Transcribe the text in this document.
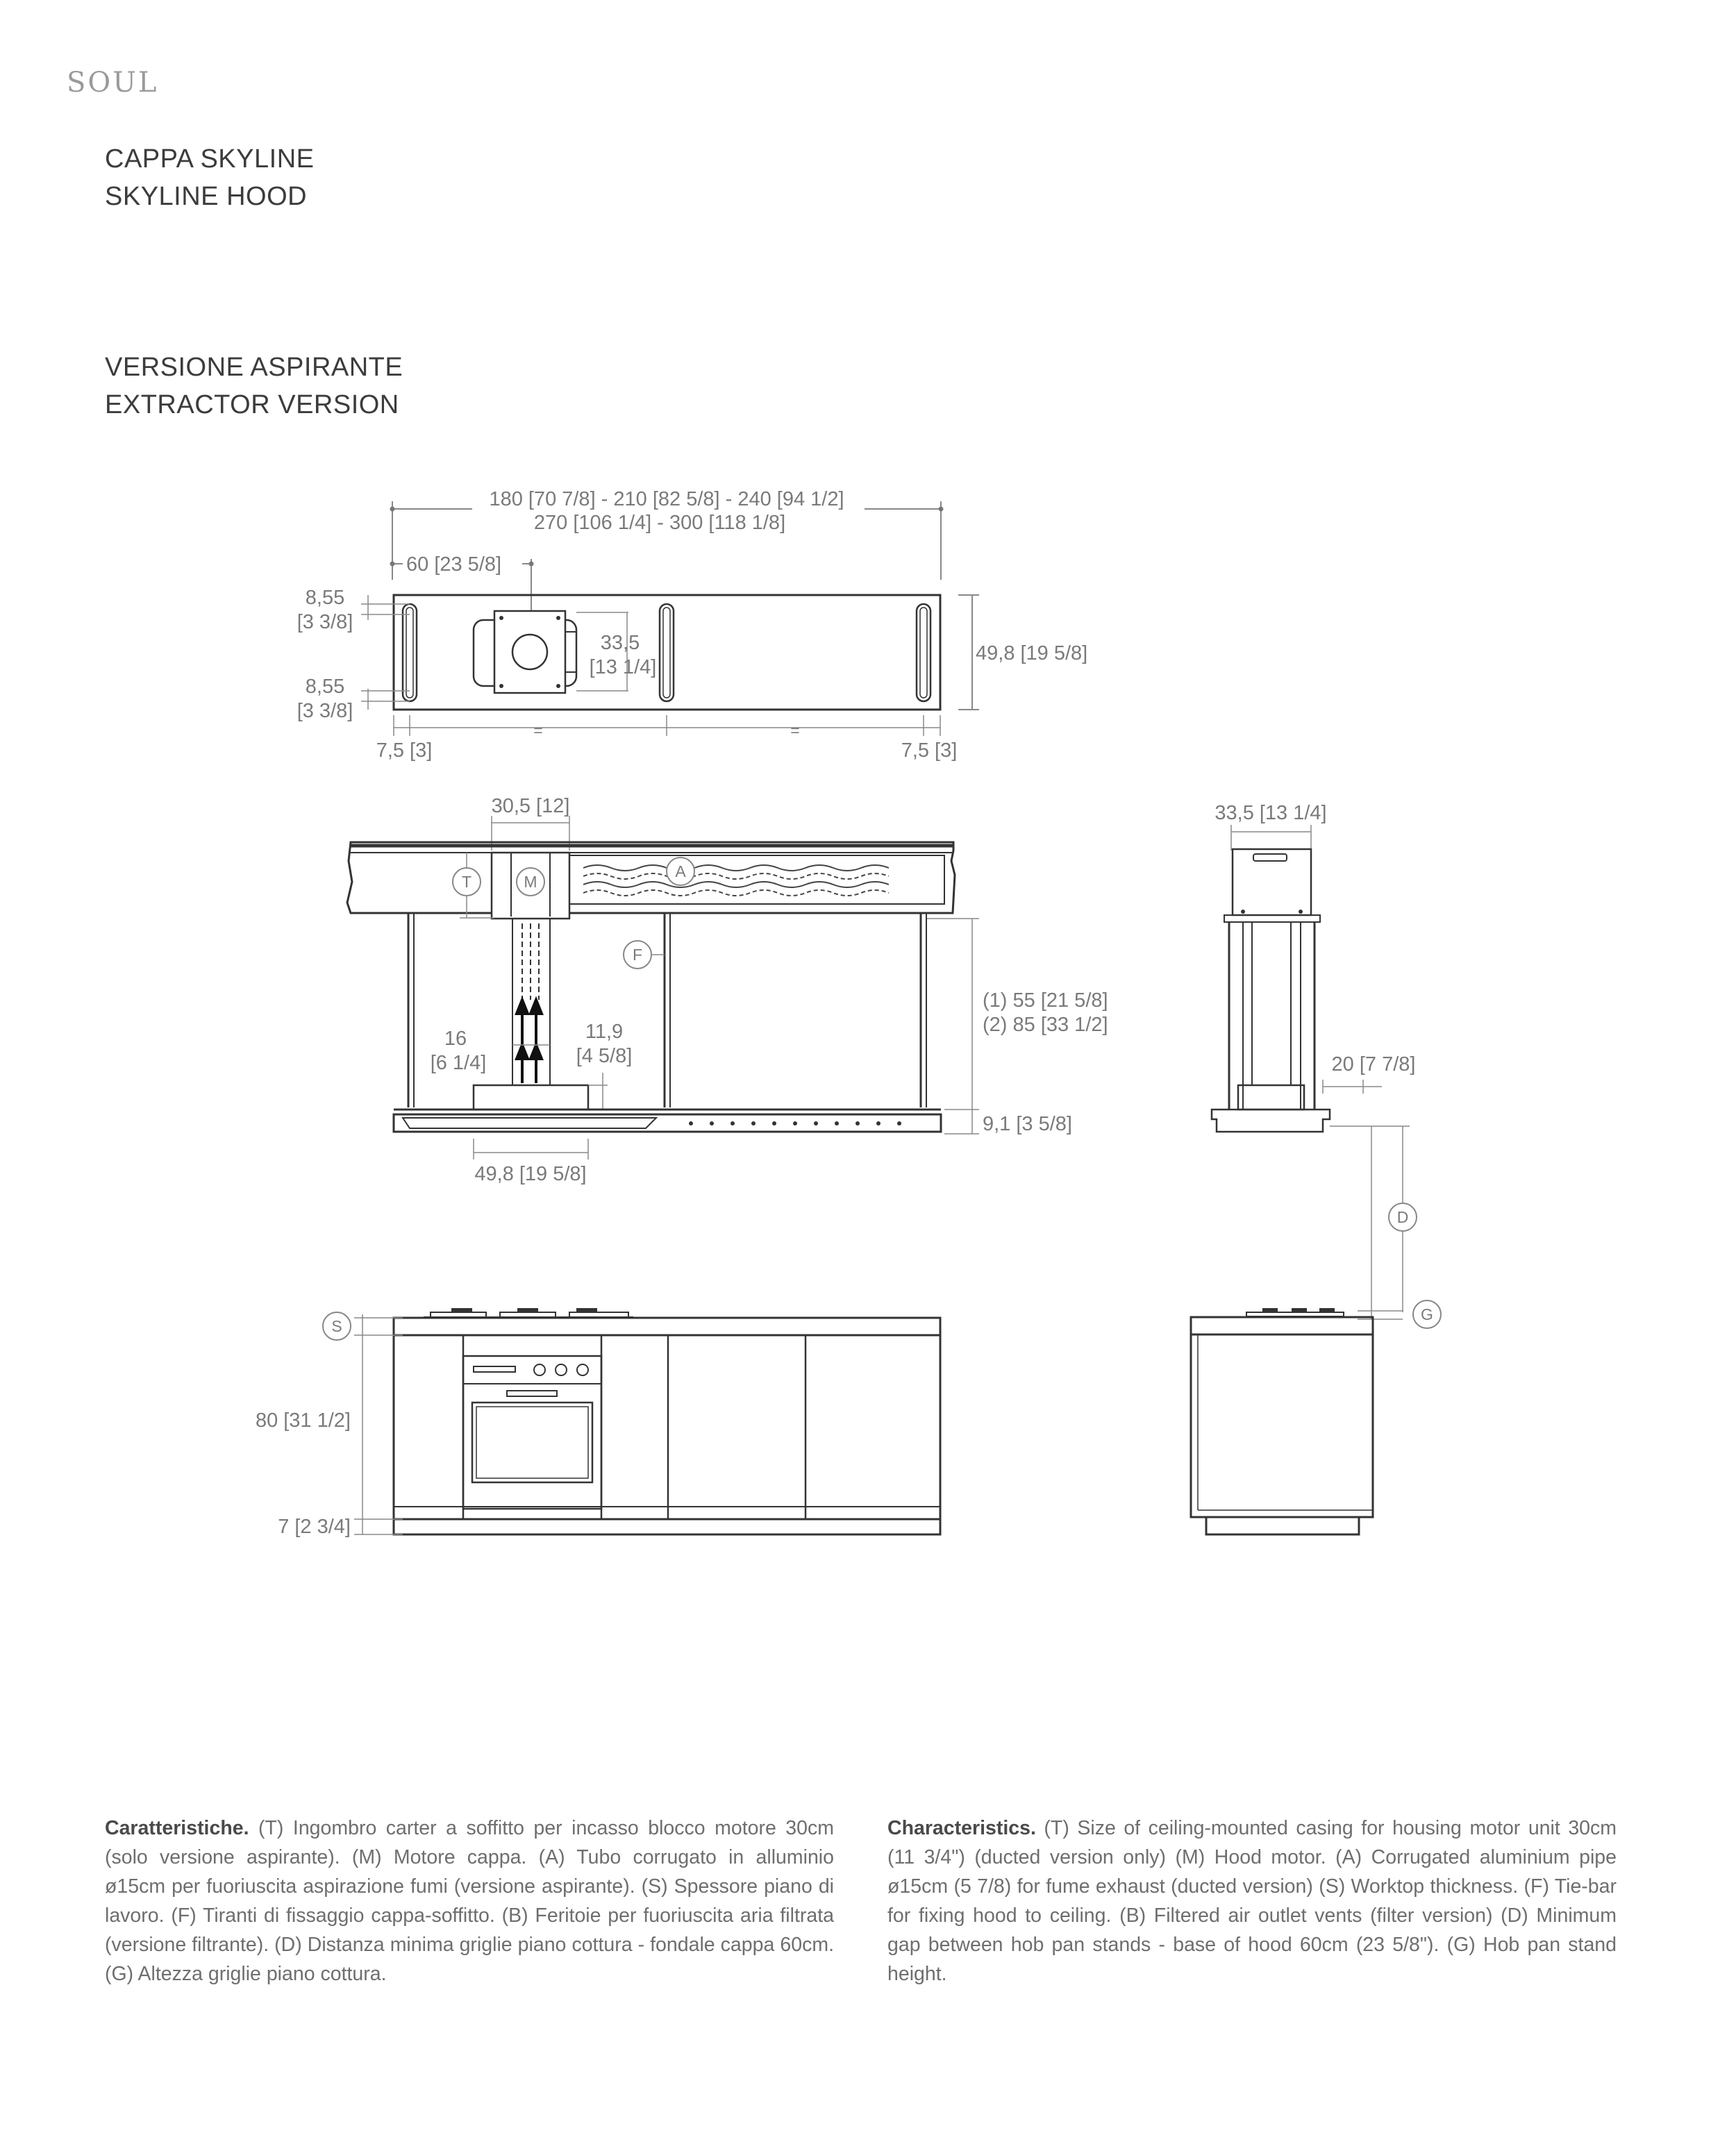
SOUL
CAPPA SKYLINE
SKYLINE HOOD
VERSIONE ASPIRANTE
EXTRACTOR VERSION
180 [70 7/8] - 210 [82 5/8] - 240 [94 1/2]
270 [106 1/4] - 300 [118 1/8]
60 [23 5/8]
33,5
[13 1/4]
49,8 [19 5/8]
8,55
[3 3/8]
8,55
[3 3/8]
=	=
7,5 [3]	7,5 [3]
30,5 [12]
T	M
A
F
16
[6 1/4]
11,9
[4 5/8]
(1) 55 [21 5/8]
(2) 85 [33 1/2]
9,1 [3 5/8]
49,8 [19 5/8]
33,5 [13 1/4]
20 [7 7/8]
D
G
S
80 [31 1/2]
7 [2 3/4]
Caratteristiche. (T) Ingombro carter a soffitto per incasso blocco motore 30cm (solo versione aspirante). (M) Motore cappa. (A) Tubo corrugato in alluminio ø15cm per fuoriuscita aspirazione fumi (versione aspirante). (S) Spessore piano di lavoro. (F) Tiranti di fissaggio cappa-soffitto. (B) Feritoie per fuoriuscita aria filtrata (versione filtrante). (D) Distanza minima griglie piano cottura - fondale cappa 60cm. (G) Altezza griglie piano cottura.
Characteristics. (T) Size of ceiling-mounted casing for housing motor unit 30cm (11 3/4") (ducted version only) (M) Hood motor. (A) Corrugated aluminium pipe ø15cm (5 7/8) for fume exhaust (ducted version) (S) Worktop thickness. (F) Tie-bar for fixing hood to ceiling. (B) Filtered air outlet vents (filter version) (D) Minimum gap between hob pan stands - base of hood 60cm (23 5/8"). (G) Hob pan stand height.
